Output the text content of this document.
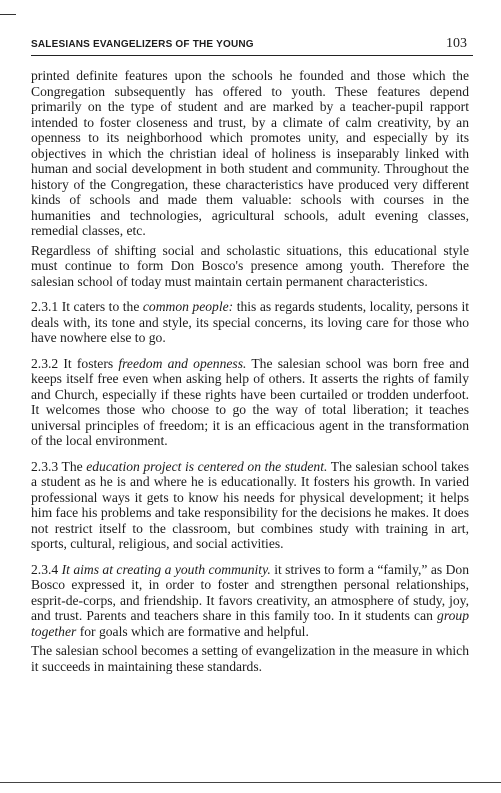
SALESIANS EVANGELIZERS OF THE YOUNG	103

printed definite features upon the schools he founded and those which the Congregation subsequently has offered to youth. These features depend primarily on the type of student and are marked by a teacher-pupil rapport intended to foster closeness and trust, by a climate of calm creativity, by an openness to its neighborhood which promotes unity, and especially by its objectives in which the christian ideal of holiness is inseparably linked with human and social development in both student and community. Throughout the history of the Congregation, these characteristics have produced very different kinds of schools and made them valuable: schools with courses in the humanities and technologies, agricultural schools, adult evening classes, remedial classes, etc.

Regardless of shifting social and scholastic situations, this educational style must continue to form Don Bosco's presence among youth. Therefore the salesian school of today must maintain certain permanent characteristics.

2.3.1 It caters to the common people: this as regards students, locality, persons it deals with, its tone and style, its special concerns, its loving care for those who have nowhere else to go.

2.3.2 It fosters freedom and openness. The salesian school was born free and keeps itself free even when asking help of others. It asserts the rights of family and Church, especially if these rights have been curtailed or trodden underfoot. It welcomes those who choose to go the way of total liberation; it teaches universal principles of freedom; it is an efficacious agent in the transformation of the local environment.

2.3.3 The education project is centered on the student. The salesian school takes a student as he is and where he is educationally. It fosters his growth. In varied professional ways it gets to know his needs for physical development; it helps him face his problems and take responsibility for the decisions he makes. It does not restrict itself to the classroom, but combines study with training in art, sports, cultural, religious, and social activities.

2.3.4 It aims at creating a youth community. it strives to form a “family,” as Don Bosco expressed it, in order to foster and strengthen personal relationships, esprit-de-corps, and friendship. It favors creativity, an atmosphere of study, joy, and trust. Parents and teachers share in this family too. In it students can group together for goals which are formative and helpful.

The salesian school becomes a setting of evangelization in the measure in which it succeeds in maintaining these standards.
